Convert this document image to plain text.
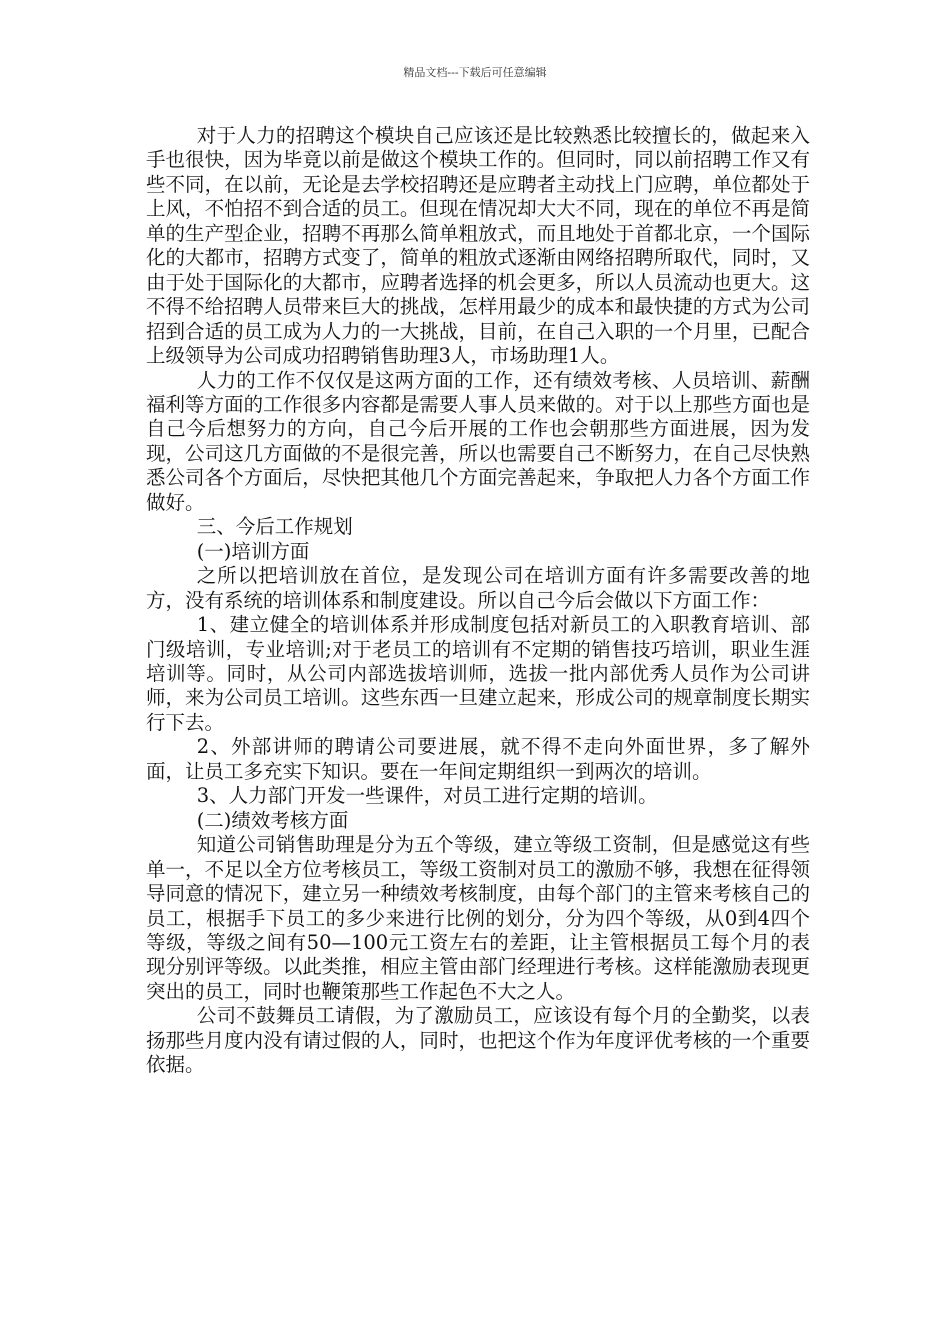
精品文档---下载后可任意编辑

对于人力的招聘这个模块自己应该还是比较熟悉比较擅长的，做起来入手也很快，因为毕竟以前是做这个模块工作的。但同时，同以前招聘工作又有些不同，在以前，无论是去学校招聘还是应聘者主动找上门应聘，单位都处于上风，不怕招不到合适的员工。但现在情况却大大不同，现在的单位不再是简单的生产型企业，招聘不再那么简单粗放式，而且地处于首都北京，一个国际化的大都市，招聘方式变了，简单的粗放式逐渐由网络招聘所取代，同时，又由于处于国际化的大都市，应聘者选择的机会更多，所以人员流动也更大。这不得不给招聘人员带来巨大的挑战，怎样用最少的成本和最快捷的方式为公司招到合适的员工成为人力的一大挑战，目前，在自己入职的一个月里，已配合上级领导为公司成功招聘销售助理3人，市场助理1人。

人力的工作不仅仅是这两方面的工作，还有绩效考核、人员培训、薪酬福利等方面的工作很多内容都是需要人事人员来做的。对于以上那些方面也是自己今后想努力的方向，自己今后开展的工作也会朝那些方面进展，因为发现，公司这几方面做的不是很完善，所以也需要自己不断努力，在自己尽快熟悉公司各个方面后，尽快把其他几个方面完善起来，争取把人力各个方面工作做好。

三、今后工作规划

(一)培训方面

之所以把培训放在首位，是发现公司在培训方面有许多需要改善的地方，没有系统的培训体系和制度建设。所以自己今后会做以下方面工作：

1、建立健全的培训体系并形成制度包括对新员工的入职教育培训、部门级培训，专业培训;对于老员工的培训有不定期的销售技巧培训，职业生涯培训等。同时，从公司内部选拔培训师，选拔一批内部优秀人员作为公司讲师，来为公司员工培训。这些东西一旦建立起来，形成公司的规章制度长期实行下去。

2、外部讲师的聘请公司要进展，就不得不走向外面世界，多了解外面，让员工多充实下知识。要在一年间定期组织一到两次的培训。

3、人力部门开发一些课件，对员工进行定期的培训。

(二)绩效考核方面

知道公司销售助理是分为五个等级，建立等级工资制，但是感觉这有些单一，不足以全方位考核员工，等级工资制对员工的激励不够，我想在征得领导同意的情况下，建立另一种绩效考核制度，由每个部门的主管来考核自己的员工，根据手下员工的多少来进行比例的划分，分为四个等级，从0到4四个等级，等级之间有50—100元工资左右的差距，让主管根据员工每个月的表现分别评等级。以此类推，相应主管由部门经理进行考核。这样能激励表现更突出的员工，同时也鞭策那些工作起色不大之人。

公司不鼓舞员工请假，为了激励员工，应该设有每个月的全勤奖，以表扬那些月度内没有请过假的人，同时，也把这个作为年度评优考核的一个重要依据。
